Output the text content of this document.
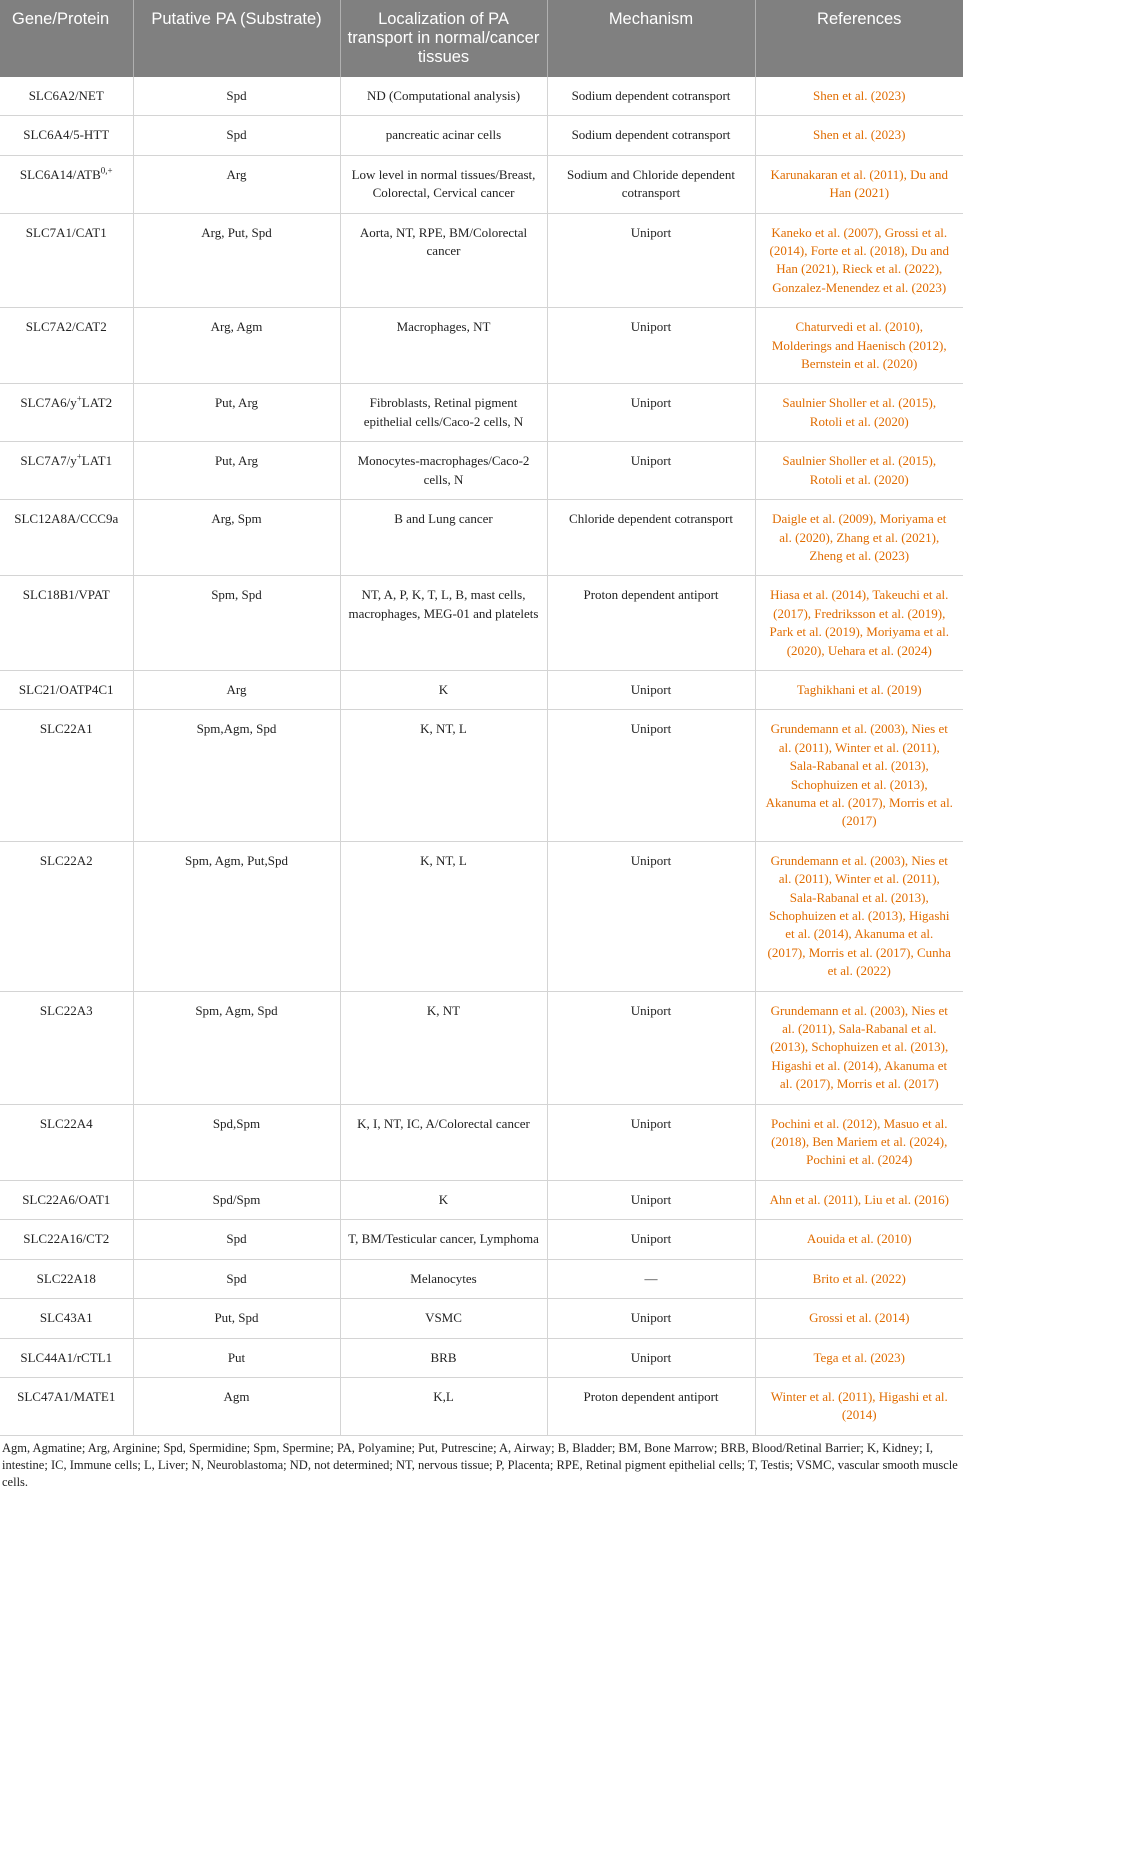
Gene/Protein	Putative PA (Substrate)	Localization of PA transport in normal/cancer tissues	Mechanism	References
SLC6A2/NET	Spd	ND (Computational analysis)	Sodium dependent cotransport	Shen et al. (2023)
SLC6A4/5-HTT	Spd	pancreatic acinar cells	Sodium dependent cotransport	Shen et al. (2023)
$SLC6A14/ATB^{0,+}$	Arg	Low level in normal tissues/Breast, Colorectal, Cervical cancer	Sodium and Chloride dependent cotransport	Karunakaran et al. (2011), Du and Han (2021)
SLC7A1/CAT1	Arg, Put, Spd	Aorta, NT, RPE, BM/Colorectal cancer	Uniport	Kaneko et al. (2007), Grossi et al. (2014), Forte et al. (2018), Du and Han (2021), Rieck et al. (2022), Gonzalez-Menendez et al. (2023)
SLC7A2/CAT2	Arg, Agm	Macrophages, NT	Uniport	Chaturvedi et al. (2010), Molderings and Haenisch (2012), Bernstein et al. (2020)
SLC7A6/y+LAT2	Put, Arg	Fibroblasts, Retinal pigment epithelial cells/Caco-2 cells, N	Uniport	Saulnier Sholler et al. (2015), Rotoli et al. (2020)
SLC7A7/y+LAT1	Put, Arg	Monocytes-macrophages/Caco-2 cells, N	Uniport	Saulnier Sholler et al. (2015), Rotoli et al. (2020)
SLC12A8A/CCC9a	Arg, Spm	B and Lung cancer	Chloride dependent cotransport	Daigle et al. (2009), Moriyama et al. (2020), Zhang et al. (2021), Zheng et al. (2023)
SLC18B1/VPAT	Spm, Spd	NT, A, P, K, T, L, B, mast cells, macrophages, MEG-01 and platelets	Proton dependent antiport	Hiasa et al. (2014), Takeuchi et al. (2017), Fredriksson et al. (2019), Park et al. (2019), Moriyama et al. (2020), Uehara et al. (2024)
SLC21/OATP4C1	Arg	K	Uniport	Taghikhani et al. (2019)
SLC22A1	Spm,Agm, Spd	K, NT, L	Uniport	Grundemann et al. (2003), Nies et al. (2011), Winter et al. (2011), Sala-Rabanal et al. (2013), Schophuizen et al. (2013), Akanuma et al. (2017), Morris et al. (2017)
SLC22A2	Spm, Agm, Put,Spd	K, NT, L	Uniport	Grundemann et al. (2003), Nies et al. (2011), Winter et al. (2011), Sala-Rabanal et al. (2013), Schophuizen et al. (2013), Higashi et al. (2014), Akanuma et al. (2017), Morris et al. (2017), Cunha et al. (2022)
SLC22A3	Spm, Agm, Spd	K, NT	Uniport	Grundemann et al. (2003), Nies et al. (2011), Sala-Rabanal et al. (2013), Schophuizen et al. (2013), Higashi et al. (2014), Akanuma et al. (2017), Morris et al. (2017)
SLC22A4	Spd,Spm	K, I, NT, IC, A/Colorectal cancer	Uniport	Pochini et al. (2012), Masuo et al. (2018), Ben Mariem et al. (2024), Pochini et al. (2024)
SLC22A6/OAT1	Spd/Spm	K	Uniport	Ahn et al. (2011), Liu et al. (2016)
SLC22A16/CT2	Spd	T, BM/Testicular cancer, Lymphoma	Uniport	Aouida et al. (2010)
SLC22A18	Spd	Melanocytes	—	Brito et al. (2022)
SLC43A1	Put, Spd	VSMC	Uniport	Grossi et al. (2014)
SLC44A1/rCTL1	Put	BRB	Uniport	Tega et al. (2023)
SLC47A1/MATE1	Agm	K,L	Proton dependent antiport	Winter et al. (2011), Higashi et al. (2014)
Agm, Agmatine; Arg, Arginine; Spd, Spermidine; Spm, Spermine; PA, Polyamine; Put, Putrescine; A, Airway; B, Bladder; BM, Bone Marrow; BRB, Blood/Retinal Barrier; K, Kidney; I, intestine; IC, Immune cells; L, Liver; N, Neuroblastoma; ND, not determined; NT, nervous tissue; P, Placenta; RPE, Retinal pigment epithelial cells; T, Testis; VSMC, vascular smooth muscle cells.
